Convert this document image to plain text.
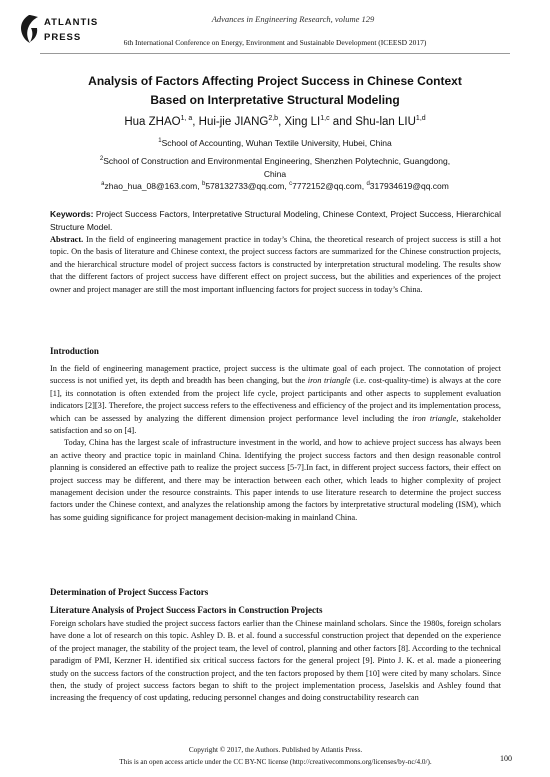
ATLANTIS
PRESS
Advances in Engineering Research, volume 129
6th International Conference on Energy, Environment and Sustainable Development (ICEESD 2017)
Analysis of Factors Affecting Project Success in Chinese Context
Based on Interpretative Structural Modeling
Hua ZHAO$^{1, a}$, Hui-jie JIANG$^{2,b}$, Xing LI$^{1,c}$ and Shu-lan LIU$^{1,d}$
$^1$School of Accounting, Wuhan Textile University, Hubei, China
$^2$School of Construction and Environmental Engineering, Shenzhen Polytechnic, Guangdong,
China
$^a$zhao_hua_08@163.com, $^b$578132733@qq.com, $^c$7772152@qq.com, $^d$317934619@qq.com
Keywords: Project Success Factors, Interpretative Structural Modeling, Chinese Context, Project Success, Hierarchical Structure Model.

Abstract. In the field of engineering management practice in today’s China, the theoretical research of project success is still a hot topic. On the basis of literature and Chinese context, the project success factors are summarized for the Chinese construction projects, and the hierarchical structure model of project success factors is constructed by interpretation structural modeling. The results show that the different factors of project success have different effect on project success, but the abilities and experiences of the project owner and project manager are still the most important influencing factors for project success in today’s China.

Introduction

In the field of engineering management practice, project success is the ultimate goal of each project. The connotation of project success is not unified yet, its depth and breadth has been changing, but the iron triangle (i.e. cost-quality-time) is always at the core [1], its connotation is often extended from the project life cycle, project participants and other aspects to supplement evaluation indicators [2][3]. Therefore, the project success refers to the effectiveness and efficiency of the project and its implementation process, which can be assessed by analyzing the different dimension project performance level including the iron triangle, stakeholder satisfaction and so on [4].

Today, China has the largest scale of infrastructure investment in the world, and how to achieve project success has always been an active theory and practice topic in mainland China. Identifying the project success factors and then design reasonable control planning is considered an effective path to realize the project success [5-7].In fact, in different project success factors, their effect on project success may be different, and there may be interaction between each other, which leads to higher complexity of project management decision under the resource constraints. This paper intends to use literature research to determine the project success factors under the Chinese context, and analyzes the relationship among the factors by interpretative structural modeling (ISM), which has some guiding significance for project management decision-making in mainland China.

Determination of Project Success Factors
Literature Analysis of Project Success Factors in Construction Projects

Foreign scholars have studied the project success factors earlier than the Chinese mainland scholars. Since the 1980s, foreign scholars have done a lot of research on this topic. Ashley D. B. et al. found a successful construction project that depended on the experience of the project manager, the stability of the project team, the level of control, planning and other factors [8]. According to the technical paradigm of PMI, Kerzner H. identified six critical success factors for the general project [9]. Pinto J. K. et al. made a pioneering study on the success factors of the construction project, and the ten factors proposed by them [10] were cited by many scholars. Since then, the study of project success factors began to shift to the project implementation process, Jaselskis and Ashley found that increasing the frequency of cost updating, reducing personnel changes and doing constructability research can

Copyright © 2017, the Authors. Published by Atlantis Press.
This is an open access article under the CC BY-NC license (http://creativecommons.org/licenses/by-nc/4.0/).	100
